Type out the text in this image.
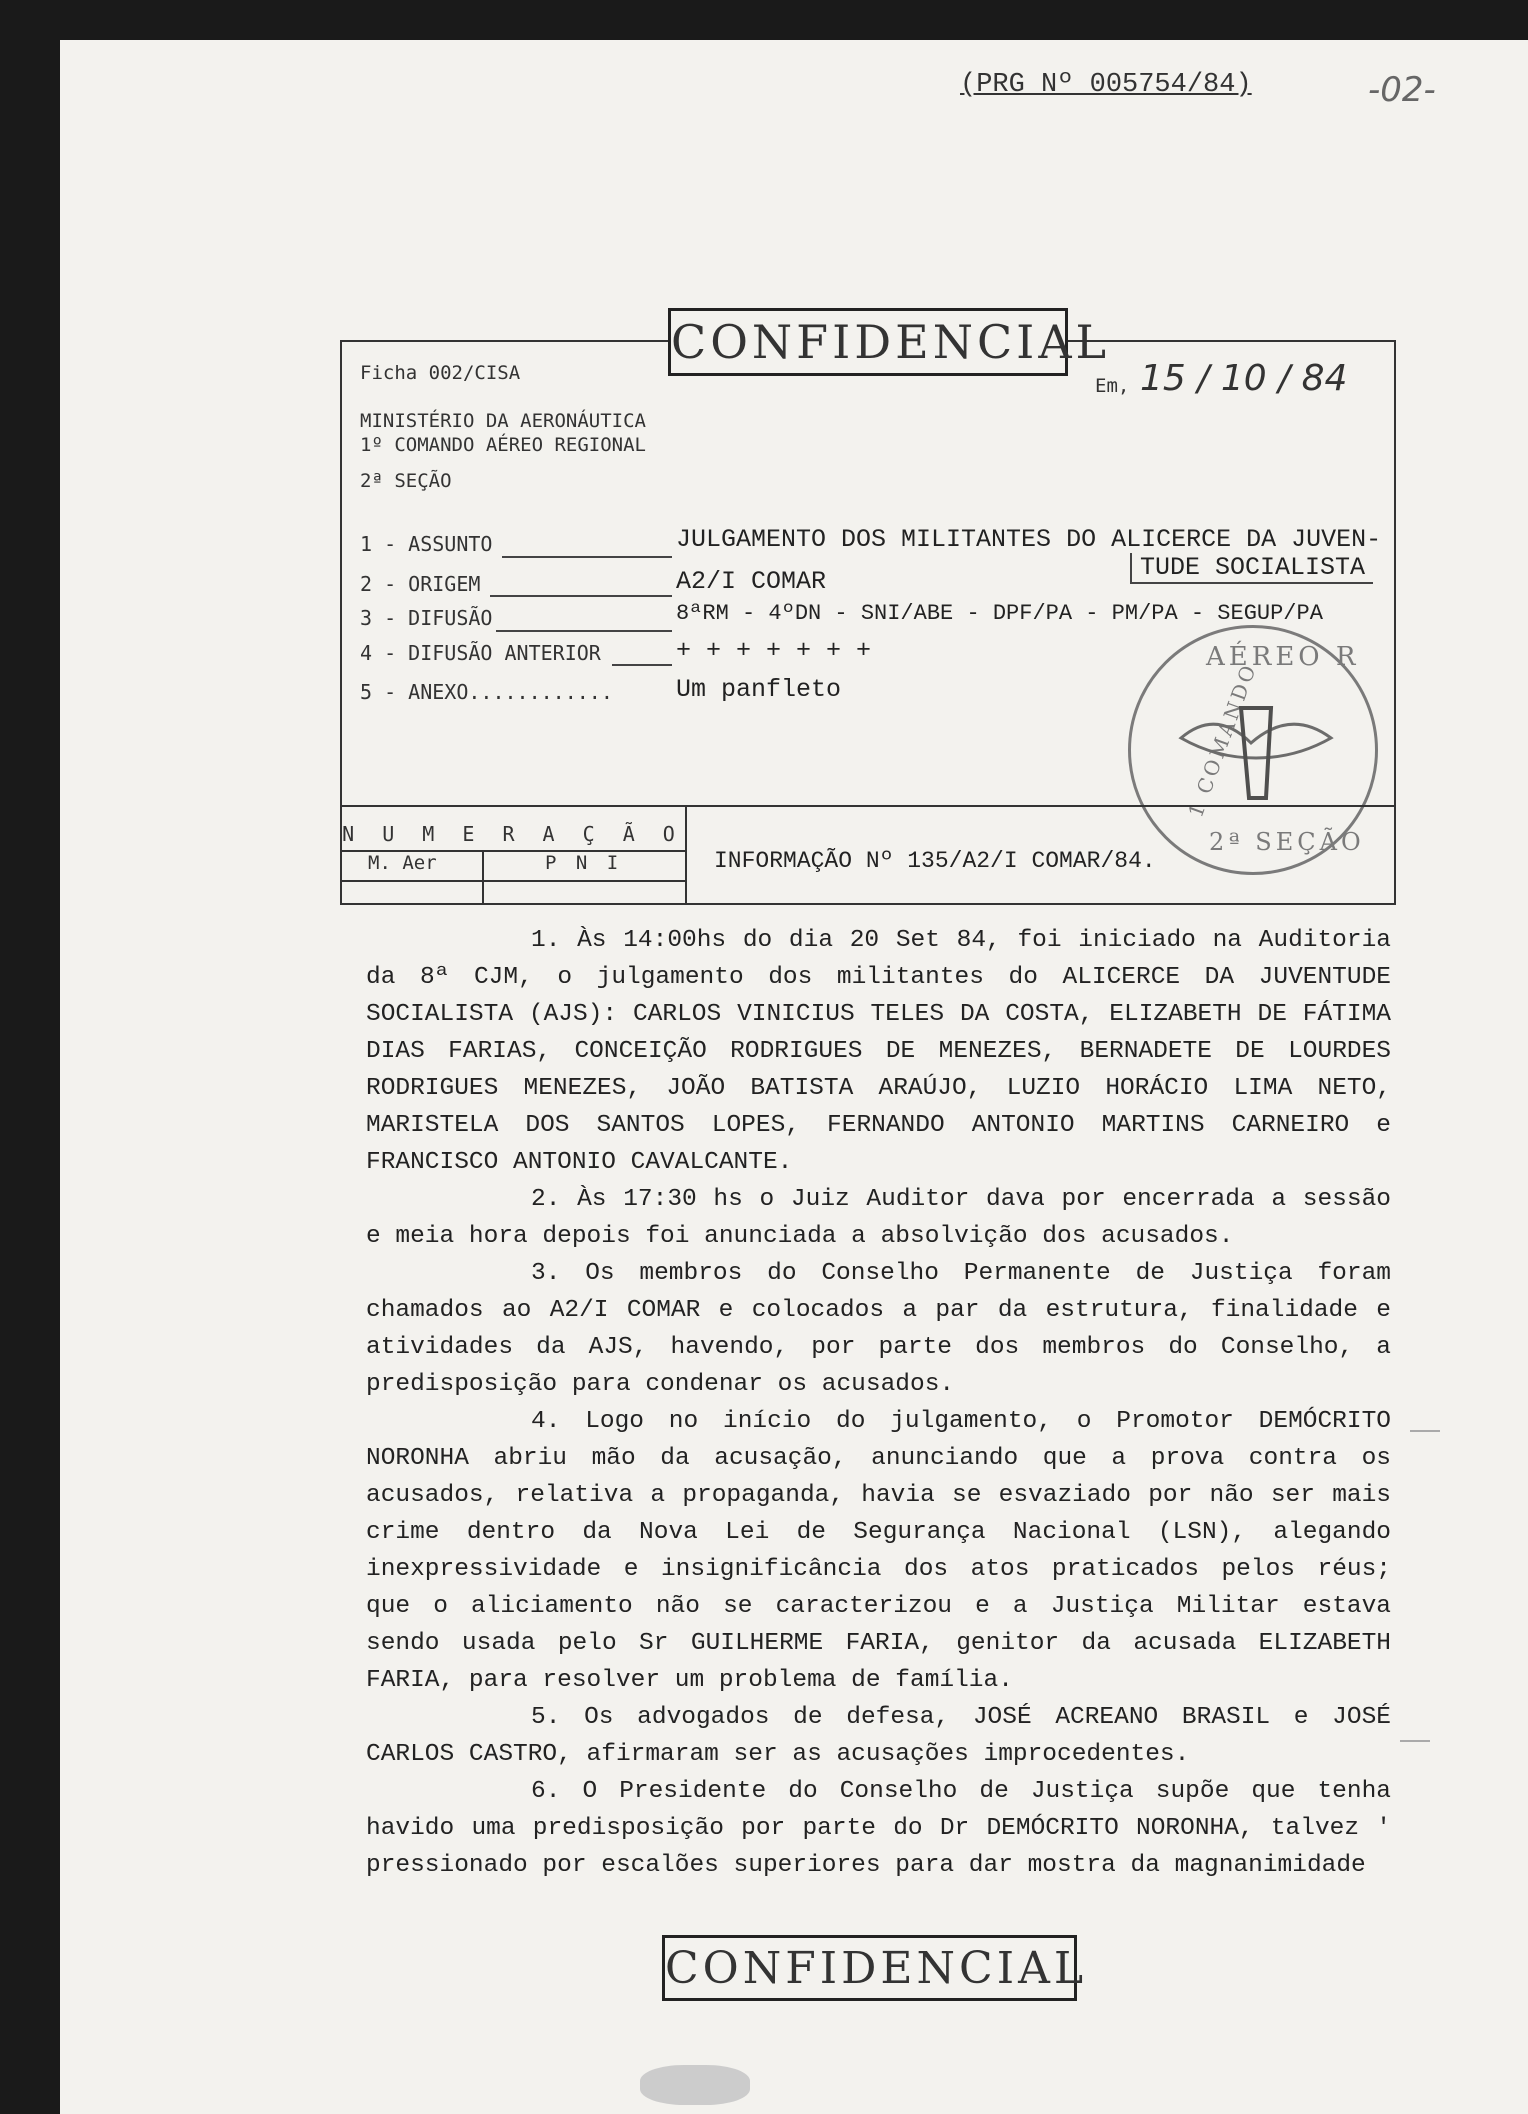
(PRG Nº 005754/84)	-02-
CONFIDENCIAL
Ficha 002/CISA
MINISTÉRIO DA AERONÁUTICA
1º COMANDO AÉREO REGIONAL
2ª SEÇÃO
Em, 15 / 10 / 84
1 - ASSUNTO	JULGAMENTO DOS MILITANTES DO ALICERCE DA JUVEN-
TUDE SOCIALISTA
2 - ORIGEM	A2/I COMAR
3 - DIFUSÃO	8ªRM - 4ºDN - SNI/ABE - DPF/PA - PM/PA - SEGUP/PA
4 - DIFUSÃO ANTERIOR	+ + + + + + +
5 - ANEXO............	Um panfleto
AÉREO R
1 COMANDO
2ª SEÇÃO
N U M E R A Ç Ã O
M. Aer	P N I	INFORMAÇÃO Nº 135/A2/I COMAR/84.

1. Às 14:00hs do dia 20 Set 84, foi iniciado na Auditoria da 8ª CJM, o julgamento dos militantes do ALICERCE DA JUVENTUDE SOCIALISTA (AJS): CARLOS VINICIUS TELES DA COSTA, ELIZABETH DE FÁTIMA DIAS FARIAS, CONCEIÇÃO RODRIGUES DE MENEZES, BERNADETE DE LOURDES RODRIGUES MENEZES, JOÃO BATISTA ARAÚJO, LUZIO HORÁCIO LIMA NETO, MARISTELA DOS SANTOS LOPES, FERNANDO ANTONIO MARTINS CARNEIRO e FRANCISCO ANTONIO CAVALCANTE.

2. Às 17:30 hs o Juiz Auditor dava por encerrada a sessão e meia hora depois foi anunciada a absolvição dos acusados.

3. Os membros do Conselho Permanente de Justiça foram chamados ao A2/I COMAR e colocados a par da estrutura, finalidade e atividades da AJS, havendo, por parte dos membros do Conselho, a predisposição para condenar os acusados.

4. Logo no início do julgamento, o Promotor DEMÓCRITO NORONHA abriu mão da acusação, anunciando que a prova contra os acusados, relativa a propaganda, havia se esvaziado por não ser mais crime dentro da Nova Lei de Segurança Nacional (LSN), alegando inexpressividade e insignificância dos atos praticados pelos réus; que o aliciamento não se caracterizou e a Justiça Militar estava sendo usada pelo Sr GUILHERME FARIA, genitor da acusada ELIZABETH FARIA, para resolver um problema de família.

5. Os advogados de defesa, JOSÉ ACREANO BRASIL e JOSÉ CARLOS CASTRO, afirmaram ser as acusações improcedentes.

6. O Presidente do Conselho de Justiça supõe que tenha havido uma predisposição por parte do Dr DEMÓCRITO NORONHA, talvez ' pressionado por escalões superiores para dar mostra da magnanimidade

CONFIDENCIAL
